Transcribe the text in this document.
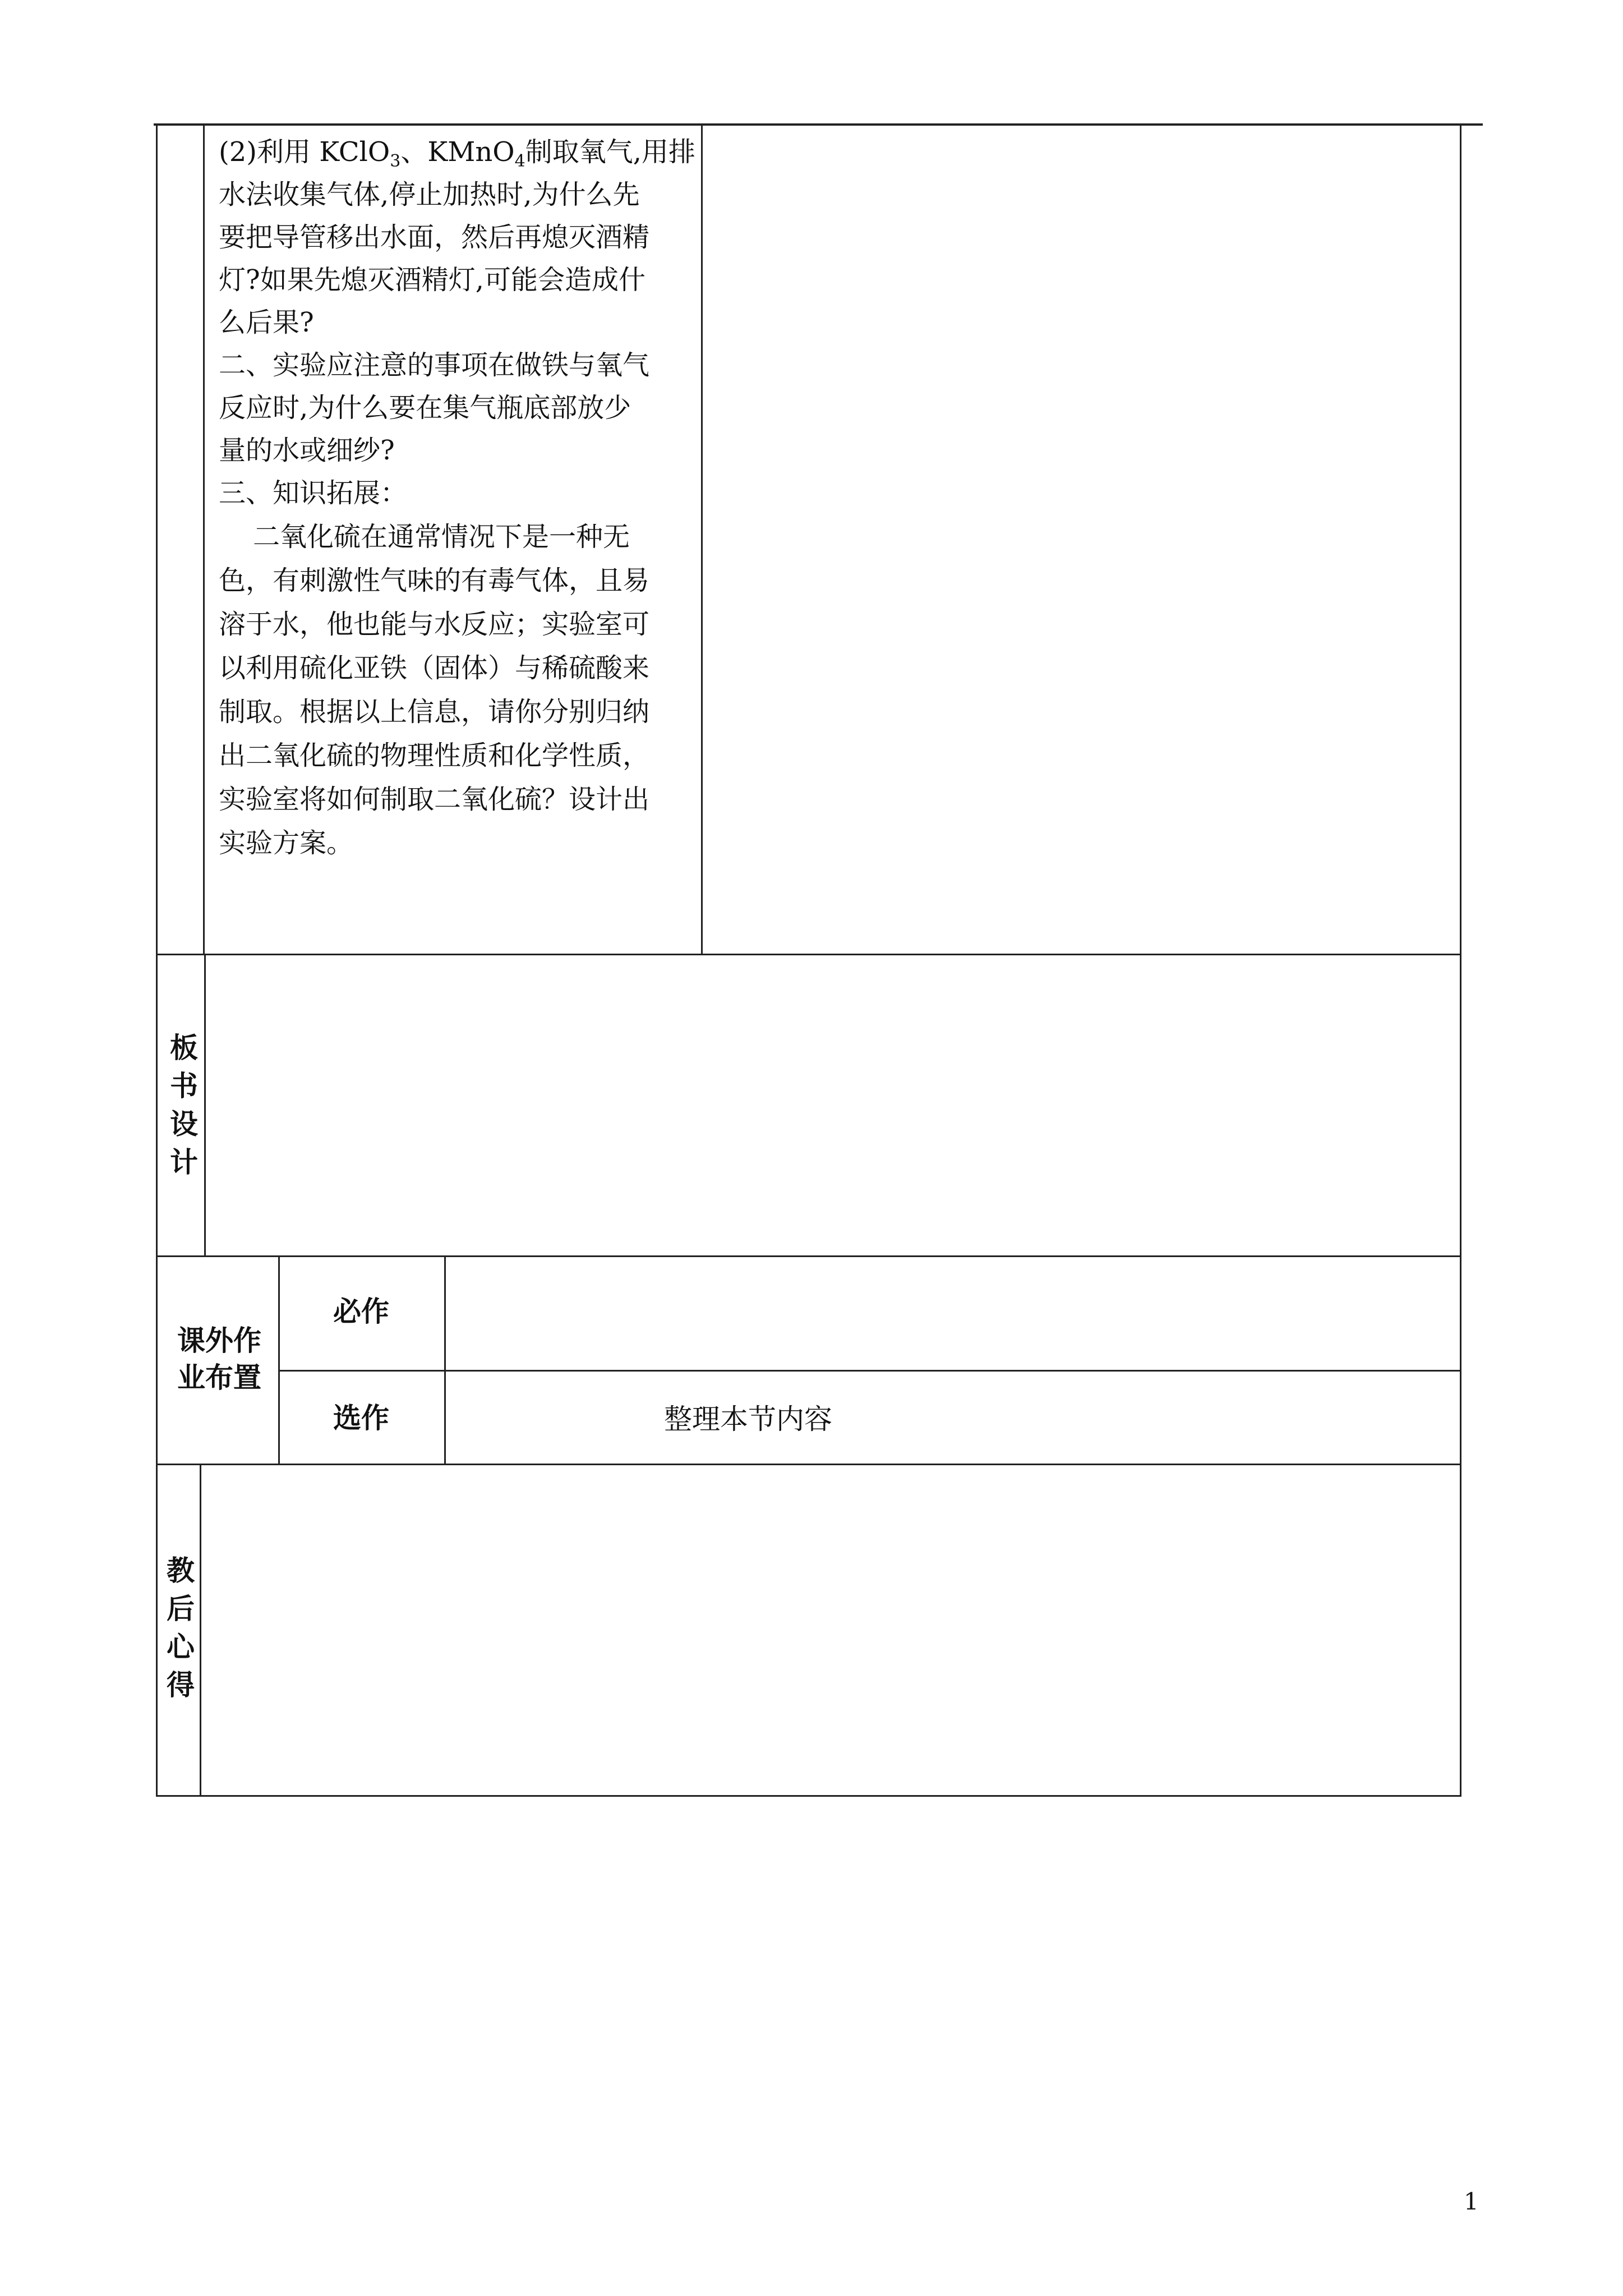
(2)利用 KClO$_3$、KMnO$_4$制取氧气,用排
水法收集气体,停止加热时,为什么先
要把导管移出水面，然后再熄灭酒精
灯?如果先熄灭酒精灯,可能会造成什
么后果?
二、实验应注意的事项在做铁与氧气
反应时,为什么要在集气瓶底部放少
量的水或细纱?
三、知识拓展：
二氧化硫在通常情况下是一种无
色，有刺激性气味的有毒气体，且易
溶于水，他也能与水反应；实验室可
以利用硫化亚铁（固体）与稀硫酸来
制取。根据以上信息，请你分别归纳
出二氧化硫的物理性质和化学性质，
实验室将如何制取二氧化硫？设计出
实验方案。
板
书
设
计
课外作
业布置
必作
选作	整理本节内容
教
后
心
得
1
